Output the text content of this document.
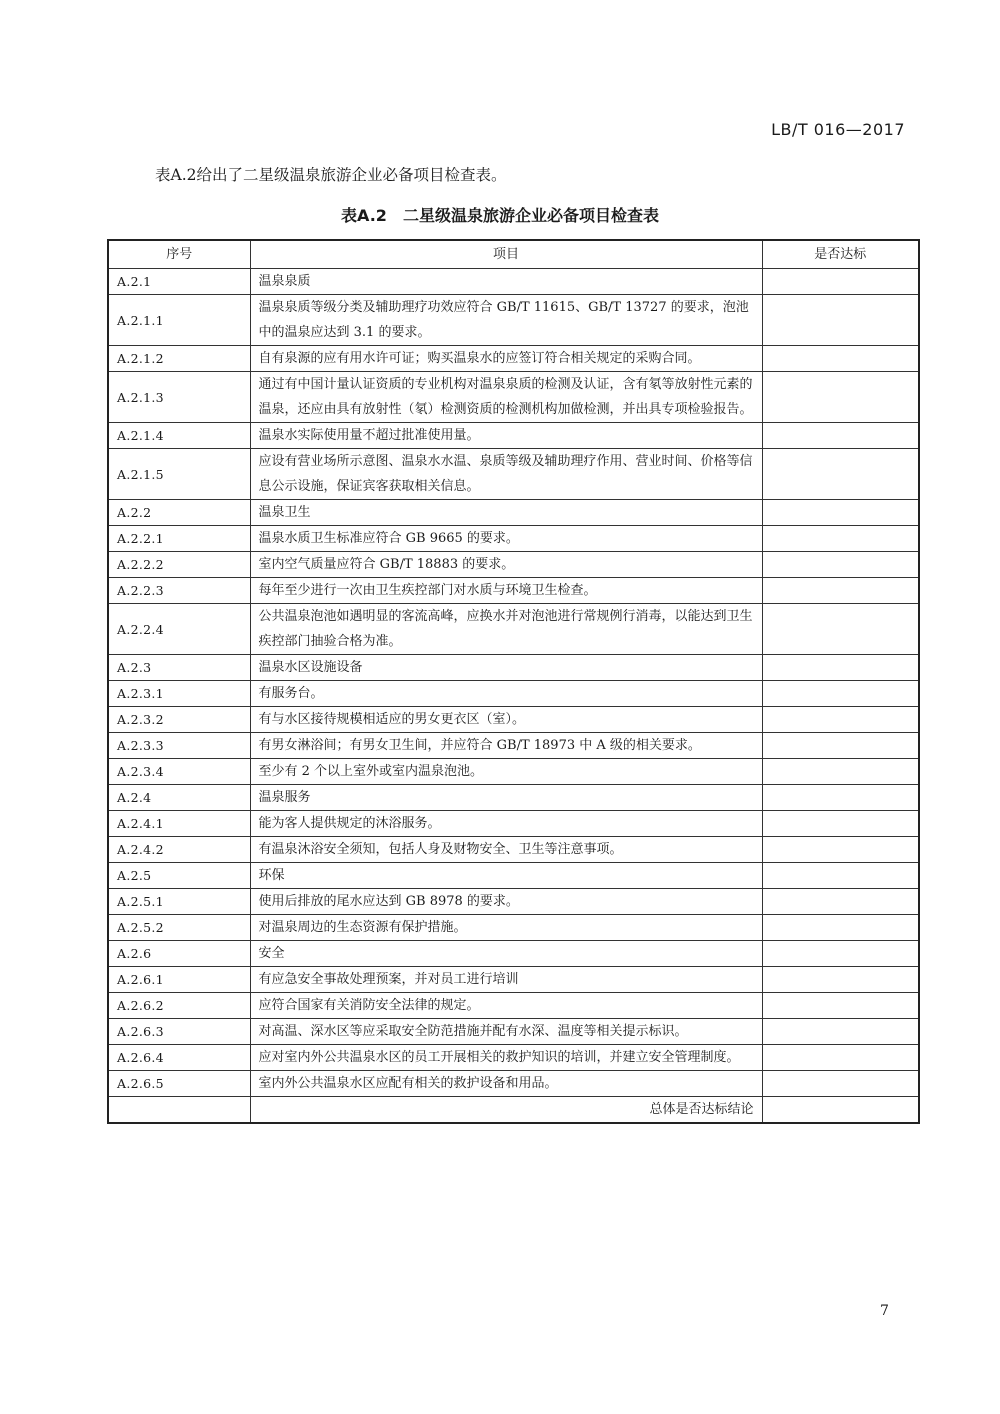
LB/T 016—2017
表A.2给出了二星级温泉旅游企业必备项目检查表。
表A.2　二星级温泉旅游企业必备项目检查表
序号	项目	是否达标
A.2.1	温泉泉质	
A.2.1.1	温泉泉质等级分类及辅助理疗功效应符合 GB/T 11615、GB/T 13727 的要求，泡池中的温泉应达到 3.1 的要求。	
A.2.1.2	自有泉源的应有用水许可证；购买温泉水的应签订符合相关规定的采购合同。	
A.2.1.3	通过有中国计量认证资质的专业机构对温泉泉质的检测及认证，含有氡等放射性元素的温泉，还应由具有放射性（氡）检测资质的检测机构加做检测，并出具专项检验报告。	
A.2.1.4	温泉水实际使用量不超过批准使用量。	
A.2.1.5	应设有营业场所示意图、温泉水水温、泉质等级及辅助理疗作用、营业时间、价格等信息公示设施，保证宾客获取相关信息。	
A.2.2	温泉卫生	
A.2.2.1	温泉水质卫生标准应符合 GB 9665 的要求。	
A.2.2.2	室内空气质量应符合 GB/T 18883 的要求。	
A.2.2.3	每年至少进行一次由卫生疾控部门对水质与环境卫生检查。	
A.2.2.4	公共温泉泡池如遇明显的客流高峰，应换水并对泡池进行常规例行消毒，以能达到卫生疾控部门抽验合格为准。	
A.2.3	温泉水区设施设备	
A.2.3.1	有服务台。	
A.2.3.2	有与水区接待规模相适应的男女更衣区（室）。	
A.2.3.3	有男女淋浴间；有男女卫生间，并应符合 GB/T 18973 中 A 级的相关要求。	
A.2.3.4	至少有 2 个以上室外或室内温泉泡池。	
A.2.4	温泉服务	
A.2.4.1	能为客人提供规定的沐浴服务。	
A.2.4.2	有温泉沐浴安全须知，包括人身及财物安全、卫生等注意事项。	
A.2.5	环保	
A.2.5.1	使用后排放的尾水应达到 GB 8978 的要求。	
A.2.5.2	对温泉周边的生态资源有保护措施。	
A.2.6	安全	
A.2.6.1	有应急安全事故处理预案，并对员工进行培训	
A.2.6.2	应符合国家有关消防安全法律的规定。	
A.2.6.3	对高温、深水区等应采取安全防范措施并配有水深、温度等相关提示标识。	
A.2.6.4	应对室内外公共温泉水区的员工开展相关的救护知识的培训，并建立安全管理制度。	
A.2.6.5	室内外公共温泉水区应配有相关的救护设备和用品。	
	总体是否达标结论	
7
